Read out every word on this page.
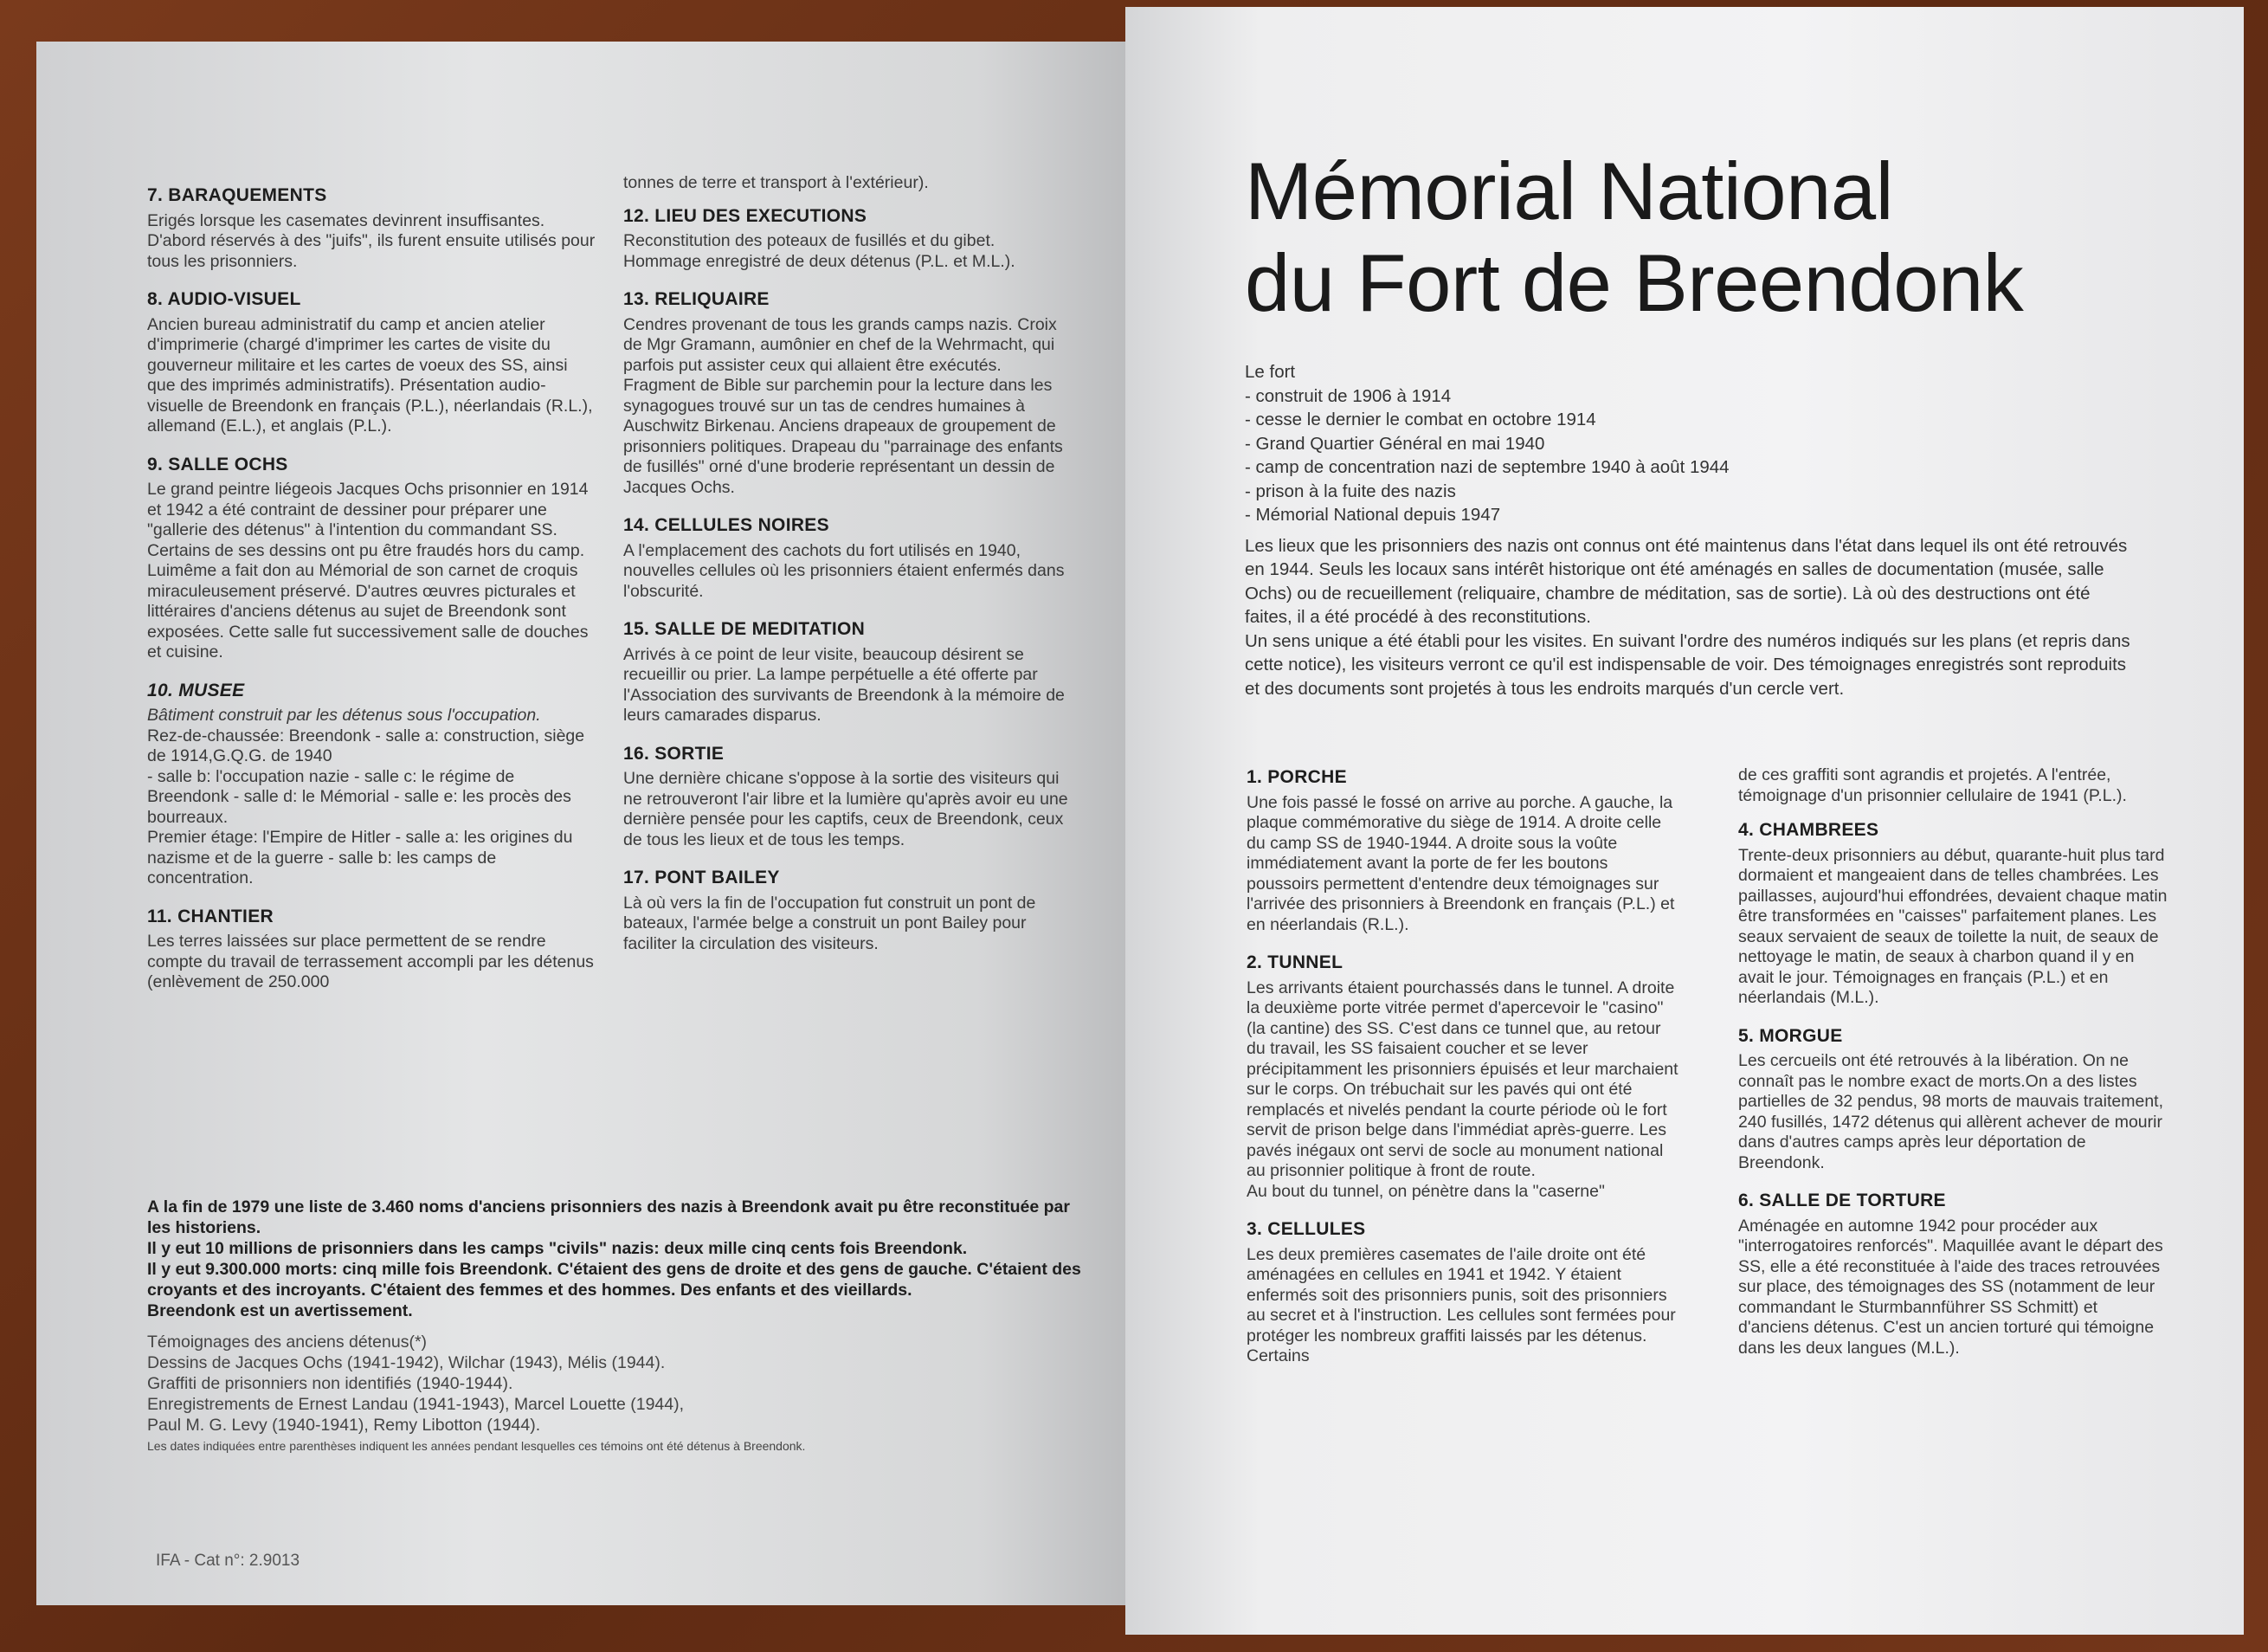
7. BARAQUEMENTS

Erigés lorsque les casemates devinrent insuffisantes. D'abord réservés à des "juifs", ils furent ensuite utilisés pour tous les prisonniers.

8. AUDIO-VISUEL

Ancien bureau administratif du camp et ancien atelier d'imprimerie (chargé d'imprimer les cartes de visite du gouverneur militaire et les cartes de voeux des SS, ainsi que des imprimés administratifs). Présentation audio-visuelle de Breendonk en français (P.L.), néerlandais (R.L.), allemand (E.L.), et anglais (P.L.).

9. SALLE OCHS

Le grand peintre liégeois Jacques Ochs prisonnier en 1914 et 1942 a été contraint de dessiner pour préparer une "gallerie des détenus" à l'intention du commandant SS. Certains de ses dessins ont pu être fraudés hors du camp. Luimême a fait don au Mémorial de son carnet de croquis miraculeusement préservé. D'autres œuvres picturales et littéraires d'anciens détenus au sujet de Breendonk sont exposées. Cette salle fut successivement salle de douches et cuisine.

10. MUSEE

Bâtiment construit par les détenus sous l'occupation.

Rez-de-chaussée: Breendonk - salle a: construction, siège de 1914,G.Q.G. de 1940

- salle b: l'occupation nazie - salle c: le régime de Breendonk - salle d: le Mémorial - salle e: les procès des bourreaux.

Premier étage: l'Empire de Hitler - salle a: les origines du nazisme et de la guerre - salle b: les camps de concentration.

11. CHANTIER

Les terres laissées sur place permettent de se rendre compte du travail de terrassement accompli par les détenus (enlèvement de 250.000

tonnes de terre et transport à l'extérieur).

12. LIEU DES EXECUTIONS

Reconstitution des poteaux de fusillés et du gibet. Hommage enregistré de deux détenus (P.L. et M.L.).

13. RELIQUAIRE

Cendres provenant de tous les grands camps nazis. Croix de Mgr Gramann, aumônier en chef de la Wehrmacht, qui parfois put assister ceux qui allaient être exécutés. Fragment de Bible sur parchemin pour la lecture dans les synagogues trouvé sur un tas de cendres humaines à Auschwitz Birkenau. Anciens drapeaux de groupement de prisonniers politiques. Drapeau du "parrainage des enfants de fusillés" orné d'une broderie représentant un dessin de Jacques Ochs.

14. CELLULES NOIRES

A l'emplacement des cachots du fort utilisés en 1940, nouvelles cellules où les prisonniers étaient enfermés dans l'obscurité.

15. SALLE DE MEDITATION

Arrivés à ce point de leur visite, beaucoup désirent se recueillir ou prier. La lampe perpétuelle a été offerte par l'Association des survivants de Breendonk à la mémoire de leurs camarades disparus.

16. SORTIE

Une dernière chicane s'oppose à la sortie des visiteurs qui ne retrouveront l'air libre et la lumière qu'après avoir eu une dernière pensée pour les captifs, ceux de Breendonk, ceux de tous les lieux et de tous les temps.

17. PONT BAILEY

Là où vers la fin de l'occupation fut construit un pont de bateaux, l'armée belge a construit un pont Bailey pour faciliter la circulation des visiteurs.

A la fin de 1979 une liste de 3.460 noms d'anciens prisonniers des nazis à Breendonk avait pu être reconstituée par les historiens.

Il y eut 10 millions de prisonniers dans les camps "civils" nazis: deux mille cinq cents fois Breendonk.

Il y eut 9.300.000 morts: cinq mille fois Breendonk. C'étaient des gens de droite et des gens de gauche. C'étaient des croyants et des incroyants. C'étaient des femmes et des hommes. Des enfants et des vieillards.

Breendonk est un avertissement.

Témoignages des anciens détenus(*)

Dessins de Jacques Ochs (1941-1942), Wilchar (1943), Mélis (1944).

Graffiti de prisonniers non identifiés (1940-1944).

Enregistrements de Ernest Landau (1941-1943), Marcel Louette (1944),

Paul M. G. Levy (1940-1941), Remy Libotton (1944).

Les dates indiquées entre parenthèses indiquent les années pendant lesquelles ces témoins ont été détenus à Breendonk.

IFA - Cat n°: 2.9013
Mémorial National
du Fort de Breendonk

Le fort

- construit de 1906 à 1914

- cesse le dernier le combat en octobre 1914

- Grand Quartier Général en mai 1940

- camp de concentration nazi de septembre 1940 à août 1944

- prison à la fuite des nazis

- Mémorial National depuis 1947

Les lieux que les prisonniers des nazis ont connus ont été maintenus dans l'état dans lequel ils ont été retrouvés en 1944. Seuls les locaux sans intérêt historique ont été aménagés en salles de documentation (musée, salle Ochs) ou de recueillement (reliquaire, chambre de méditation, sas de sortie). Là où des destructions ont été faites, il a été procédé à des reconstitutions.

Un sens unique a été établi pour les visites. En suivant l'ordre des numéros indiqués sur les plans (et repris dans cette notice), les visiteurs verront ce qu'il est indispensable de voir. Des témoignages enregistrés sont reproduits et des documents sont projetés à tous les endroits marqués d'un cercle vert.

1. PORCHE

Une fois passé le fossé on arrive au porche. A gauche, la plaque commémorative du siège de 1914. A droite celle du camp SS de 1940-1944. A droite sous la voûte immédiatement avant la porte de fer les boutons poussoirs permettent d'entendre deux témoignages sur l'arrivée des prisonniers à Breendonk en français (P.L.) et en néerlandais (R.L.).

2. TUNNEL

Les arrivants étaient pourchassés dans le tunnel. A droite la deuxième porte vitrée permet d'apercevoir le "casino" (la cantine) des SS. C'est dans ce tunnel que, au retour du travail, les SS faisaient coucher et se lever précipitamment les prisonniers épuisés et leur marchaient sur le corps. On trébuchait sur les pavés qui ont été remplacés et nivelés pendant la courte période où le fort servit de prison belge dans l'immédiat après-guerre. Les pavés inégaux ont servi de socle au monument national au prisonnier politique à front de route.

Au bout du tunnel, on pénètre dans la "caserne"

3. CELLULES

Les deux premières casemates de l'aile droite ont été aménagées en cellules en 1941 et 1942. Y étaient enfermés soit des prisonniers punis, soit des prisonniers au secret et à l'instruction. Les cellules sont fermées pour protéger les nombreux graffiti laissés par les détenus. Certains

de ces graffiti sont agrandis et projetés. A l'entrée, témoignage d'un prisonnier cellulaire de 1941 (P.L.).

4. CHAMBREES

Trente-deux prisonniers au début, quarante-huit plus tard dormaient et mangeaient dans de telles chambrées. Les paillasses, aujourd'hui effondrées, devaient chaque matin être transformées en "caisses" parfaitement planes. Les seaux servaient de seaux de toilette la nuit, de seaux de nettoyage le matin, de seaux à charbon quand il y en avait le jour. Témoignages en français (P.L.) et en néerlandais (M.L.).

5. MORGUE

Les cercueils ont été retrouvés à la libération. On ne connaît pas le nombre exact de morts.On a des listes partielles de 32 pendus, 98 morts de mauvais traitement, 240 fusillés, 1472 détenus qui allèrent achever de mourir dans d'autres camps après leur déportation de Breendonk.

6. SALLE DE TORTURE

Aménagée en automne 1942 pour procéder aux "interrogatoires renforcés". Maquillée avant le départ des SS, elle a été reconstituée à l'aide des traces retrouvées sur place, des témoignages des SS (notamment de leur commandant le Sturmbannführer SS Schmitt) et d'anciens détenus. C'est un ancien torturé qui témoigne dans les deux langues (M.L.).
